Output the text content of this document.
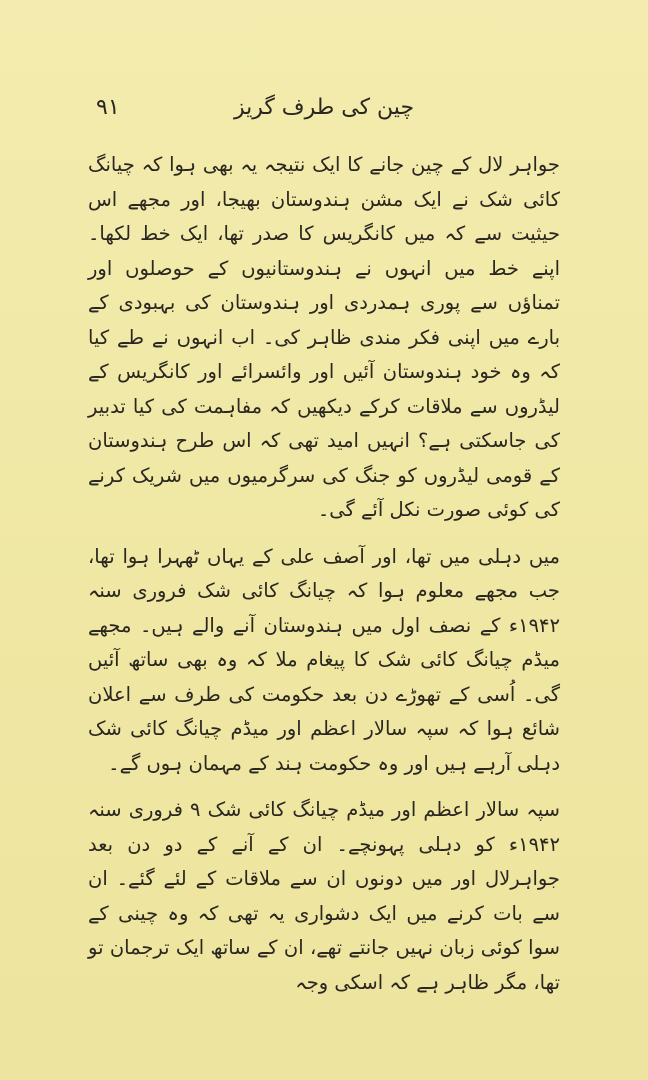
۹۱	چین کی طرف گریز

جواہر لال کے چین جانے کا ایک نتیجہ یہ بھی ہوا کہ چیانگ کائی شک نے ایک مشن ہندوستان بھیجا، اور مجھے اس حیثیت سے کہ میں کانگریس کا صدر تھا، ایک خط لکھا۔ اپنے خط میں انہوں نے ہندوستانیوں کے حوصلوں اور تمناؤں سے پوری ہمدردی اور ہندوستان کی بہبودی کے بارے میں اپنی فکر مندی ظاہر کی۔ اب انہوں نے طے کیا کہ وہ خود ہندوستان آئیں اور وائسرائے اور کانگریس کے لیڈروں سے ملاقات کرکے دیکھیں کہ مفاہمت کی کیا تدبیر کی جاسکتی ہے؟ انہیں امید تھی کہ اس طرح ہندوستان کے قومی لیڈروں کو جنگ کی سرگرمیوں میں شریک کرنے کی کوئی صورت نکل آئے گی۔

میں دہلی میں تھا، اور آصف علی کے یہاں ٹھہرا ہوا تھا، جب مجھے معلوم ہوا کہ چیانگ کائی شک فروری سنہ ۱۹۴۲ء کے نصف اول میں ہندوستان آنے والے ہیں۔ مجھے میڈم چیانگ کائی شک کا پیغام ملا کہ وہ بھی ساتھ آئیں گی۔ اُسی کے تھوڑے دن بعد حکومت کی طرف سے اعلان شائع ہوا کہ سپہ سالار اعظم اور میڈم چیانگ کائی شک دہلی آرہے ہیں اور وہ حکومت ہند کے مہمان ہوں گے۔

سپہ سالار اعظم اور میڈم چیانگ کائی شک ۹ فروری سنہ ۱۹۴۲ء کو دہلی پہونچے۔ ان کے آنے کے دو دن بعد جواہرلال اور میں دونوں ان سے ملاقات کے لئے گئے۔ ان سے بات کرنے میں ایک دشواری یہ تھی کہ وہ چینی کے سوا کوئی زبان نہیں جانتے تھے، ان کے ساتھ ایک ترجمان تو تھا، مگر ظاہر ہے کہ اسکی وجہ
